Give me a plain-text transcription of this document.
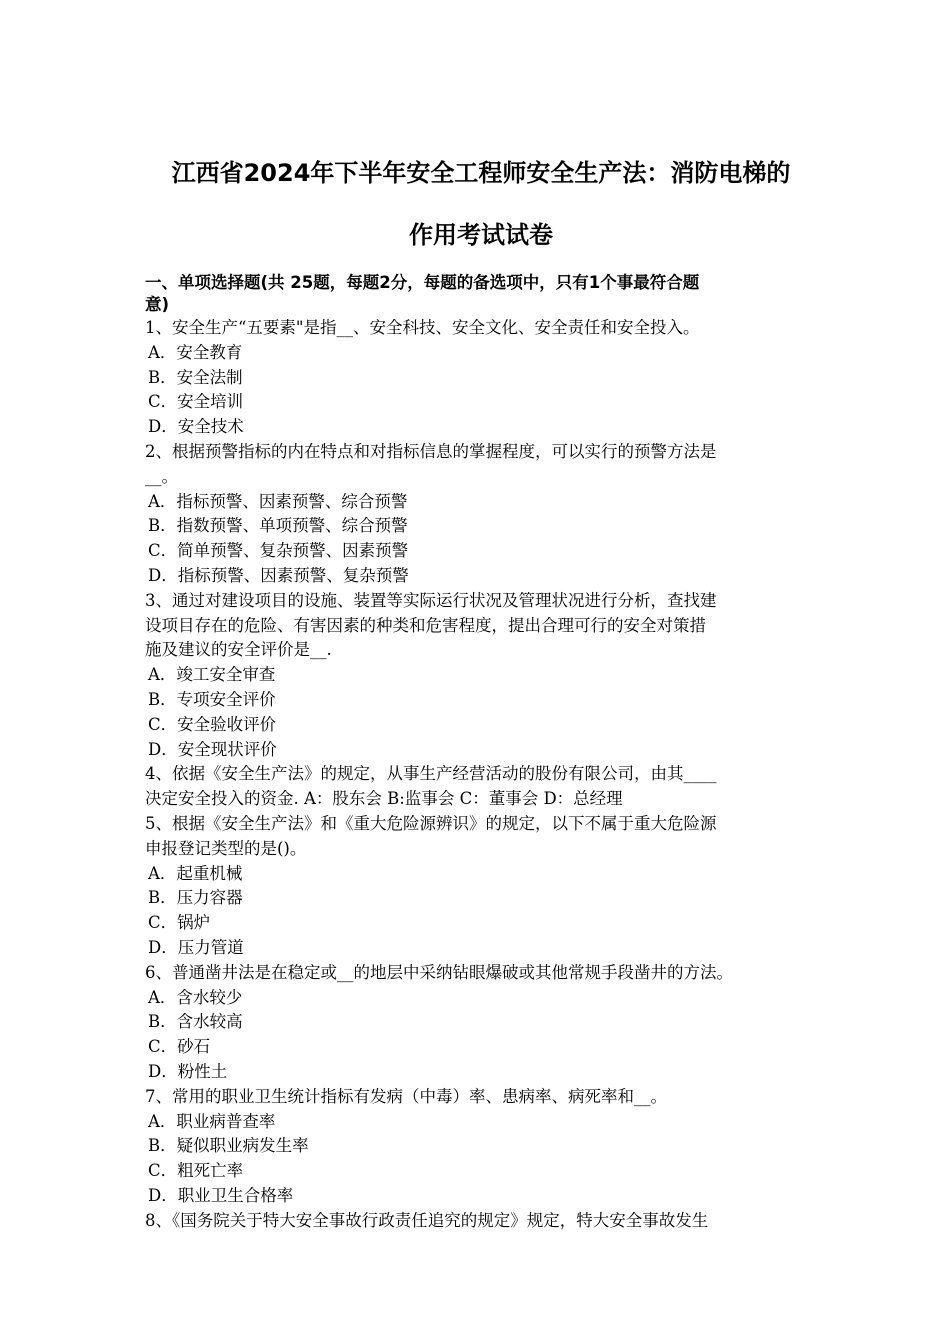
江西省2024年下半年安全工程师安全生产法：消防电梯的
作用考试试卷
一、单项选择题(共 25题，每题2分，每题的备选项中，只有1个事最符合题
意)
1、安全生产“五要素"是指__、安全科技、安全文化、安全责任和安全投入。
A．安全教育
B．安全法制
C．安全培训
D．安全技术
2、根据预警指标的内在特点和对指标信息的掌握程度，可以实行的预警方法是
__。
A．指标预警、因素预警、综合预警
B．指数预警、单项预警、综合预警
C．简单预警、复杂预警、因素预警
D．指标预警、因素预警、复杂预警
3、通过对建设项目的设施、装置等实际运行状况及管理状况进行分析，查找建
设项目存在的危险、有害因素的种类和危害程度，提出合理可行的安全对策措
施及建议的安全评价是__.
A．竣工安全审查
B．专项安全评价
C．安全验收评价
D．安全现状评价
4、依据《安全生产法》的规定，从事生产经营活动的股份有限公司，由其____
决定安全投入的资金. A：股东会 B:监事会 C：董事会 D：总经理
5、根据《安全生产法》和《重大危险源辨识》的规定，以下不属于重大危险源
申报登记类型的是()。
A．起重机械
B．压力容器
C．锅炉
D．压力管道
6、普通凿井法是在稳定或__的地层中采纳钻眼爆破或其他常规手段凿井的方法。
A．含水较少
B．含水较高
C．砂石
D．粉性土
7、常用的职业卫生统计指标有发病（中毒）率、患病率、病死率和__。
A．职业病普查率
B．疑似职业病发生率
C．粗死亡率
D．职业卫生合格率
8、《国务院关于特大安全事故行政责任追究的规定》规定，特大安全事故发生
